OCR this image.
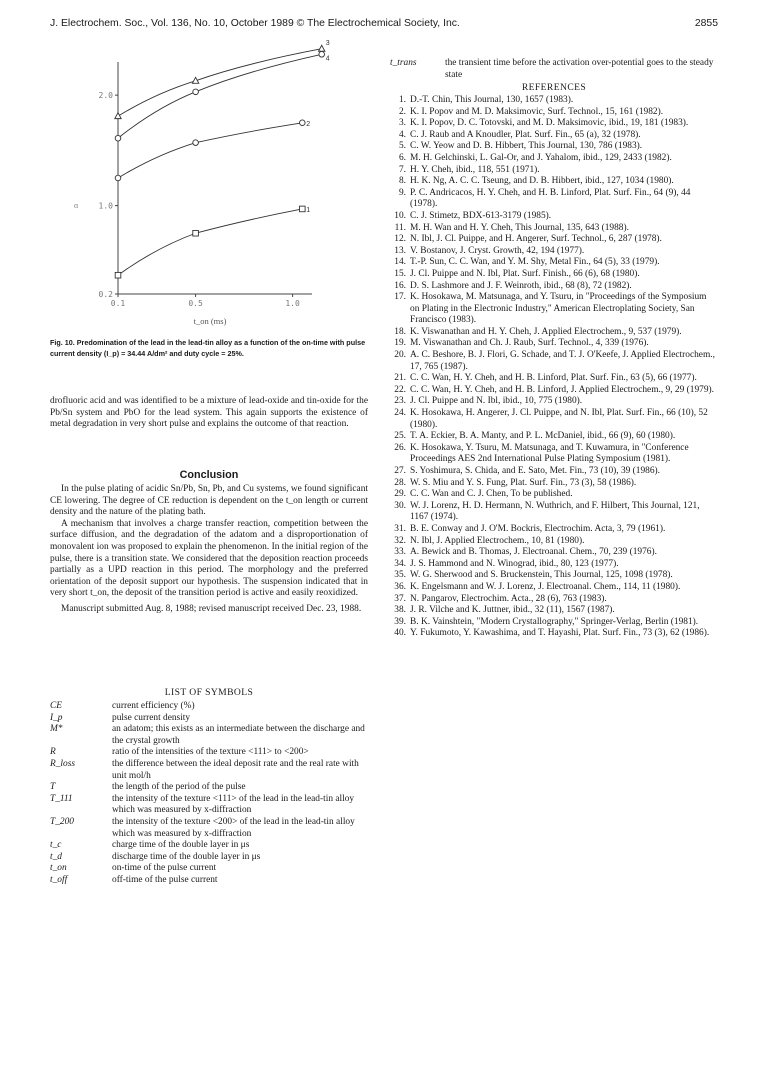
J. Electrochem. Soc., Vol. 136, No. 10, October 1989 © The Electrochemical Society, Inc.	2855
0.2
1.0
2.0
0.1	0.5	1.0
1
2
3
4
α
t_on (ms)
Fig. 10. Predomination of the lead in the lead-tin alloy as a function of the on-time with pulse current density (I_p) = 34.44 A/dm² and duty cycle = 25%.

drofluoric acid and was identified to be a mixture of lead-oxide and tin-oxide for the Pb/Sn system and PbO for the lead system. This again supports the existence of metal degradation in very short pulse and explains the outcome of that reaction.

Conclusion

In the pulse plating of acidic Sn/Pb, Sn, Pb, and Cu systems, we found significant CE lowering. The degree of CE reduction is dependent on the t_on length or current density and the nature of the plating bath.

A mechanism that involves a charge transfer reaction, competition between the surface diffusion, and the degradation of the adatom and a disproportionation of monovalent ion was proposed to explain the phenomenon. In the initial region of the pulse, there is a transition state. We considered that the deposition reaction proceeds partially as a UPD reaction in this period. The morphology and the preferred orientation of the deposit support our hypothesis. The suspension indicated that in very short t_on, the deposit of the transition period is active and easily reoxidized.

Manuscript submitted Aug. 8, 1988; revised manuscript received Dec. 23, 1988.

LIST OF SYMBOLS
CE	current efficiency (%)
I_p	pulse current density
M*	an adatom; this exists as an intermediate between the discharge and the crystal growth
R	ratio of the intensities of the texture <111> to <200>
R_loss	the difference between the ideal deposit rate and the real rate with unit mol/h
T	the length of the period of the pulse
T_111	the intensity of the texture <111> of the lead in the lead-tin alloy which was measured by x-diffraction
T_200	the intensity of the texture <200> of the lead in the lead-tin alloy which was measured by x-diffraction
t_c	charge time of the double layer in μs
t_d	discharge time of the double layer in μs
t_on	on-time of the pulse current
t_off	off-time of the pulse current
t_trans	the transient time before the activation over-potential goes to the steady state
REFERENCES
1. D.-T. Chin, This Journal, 130, 1657 (1983).
2. K. I. Popov and M. D. Maksimovic, Surf. Technol., 15, 161 (1982).
3. K. I. Popov, D. C. Totovski, and M. D. Maksimovic, ibid., 19, 181 (1983).
4. C. J. Raub and A Knoudler, Plat. Surf. Fin., 65 (a), 32 (1978).
5. C. W. Yeow and D. B. Hibbert, This Journal, 130, 786 (1983).
6. M. H. Gelchinski, L. Gal-Or, and J. Yahalom, ibid., 129, 2433 (1982).
7. H. Y. Cheh, ibid., 118, 551 (1971).
8. H. K. Ng, A. C. C. Tseung, and D. B. Hibbert, ibid., 127, 1034 (1980).
9. P. C. Andricacos, H. Y. Cheh, and H. B. Linford, Plat. Surf. Fin., 64 (9), 44 (1978).
10. C. J. Stimetz, BDX-613-3179 (1985).
11. M. H. Wan and H. Y. Cheh, This Journal, 135, 643 (1988).
12. N. Ibl, J. Cl. Puippe, and H. Angerer, Surf. Technol., 6, 287 (1978).
13. V. Bostanov, J. Cryst. Growth, 42, 194 (1977).
14. T.-P. Sun, C. C. Wan, and Y. M. Shy, Metal Fin., 64 (5), 33 (1979).
15. J. Cl. Puippe and N. Ibl, Plat. Surf. Finish., 66 (6), 68 (1980).
16. D. S. Lashmore and J. F. Weinroth, ibid., 68 (8), 72 (1982).
17. K. Hosokawa, M. Matsunaga, and Y. Tsuru, in "Proceedings of the Symposium on Plating in the Electronic Industry," American Electroplating Society, San Francisco (1983).
18. K. Viswanathan and H. Y. Cheh, J. Applied Electrochem., 9, 537 (1979).
19. M. Viswanathan and Ch. J. Raub, Surf. Technol., 4, 339 (1976).
20. A. C. Beshore, B. J. Flori, G. Schade, and T. J. O'Keefe, J. Applied Electrochem., 17, 765 (1987).
21. C. C. Wan, H. Y. Cheh, and H. B. Linford, Plat. Surf. Fin., 63 (5), 66 (1977).
22. C. C. Wan, H. Y. Cheh, and H. B. Linford, J. Applied Electrochem., 9, 29 (1979).
23. J. Cl. Puippe and N. Ibl, ibid., 10, 775 (1980).
24. K. Hosokawa, H. Angerer, J. Cl. Puippe, and N. Ibl, Plat. Surf. Fin., 66 (10), 52 (1980).
25. T. A. Eckier, B. A. Manty, and P. L. McDaniel, ibid., 66 (9), 60 (1980).
26. K. Hosokawa, Y. Tsuru, M. Matsunaga, and T. Kuwamura, in "Conference Proceedings AES 2nd International Pulse Plating Symposium (1981).
27. S. Yoshimura, S. Chida, and E. Sato, Met. Fin., 73 (10), 39 (1986).
28. W. S. Miu and Y. S. Fung, Plat. Surf. Fin., 73 (3), 58 (1986).
29. C. C. Wan and C. J. Chen, To be published.
30. W. J. Lorenz, H. D. Hermann, N. Wuthrich, and F. Hilbert, This Journal, 121, 1167 (1974).
31. B. E. Conway and J. O'M. Bockris, Electrochim. Acta, 3, 79 (1961).
32. N. Ibl, J. Applied Electrochem., 10, 81 (1980).
33. A. Bewick and B. Thomas, J. Electroanal. Chem., 70, 239 (1976).
34. J. S. Hammond and N. Winograd, ibid., 80, 123 (1977).
35. W. G. Sherwood and S. Bruckenstein, This Journal, 125, 1098 (1978).
36. K. Engelsmann and W. J. Lorenz, J. Electroanal. Chem., 114, 11 (1980).
37. N. Pangarov, Electrochim. Acta., 28 (6), 763 (1983).
38. J. R. Vilche and K. Juttner, ibid., 32 (11), 1567 (1987).
39. B. K. Vainshtein, "Modern Crystallography," Springer-Verlag, Berlin (1981).
40. Y. Fukumoto, Y. Kawashima, and T. Hayashi, Plat. Surf. Fin., 73 (3), 62 (1986).
